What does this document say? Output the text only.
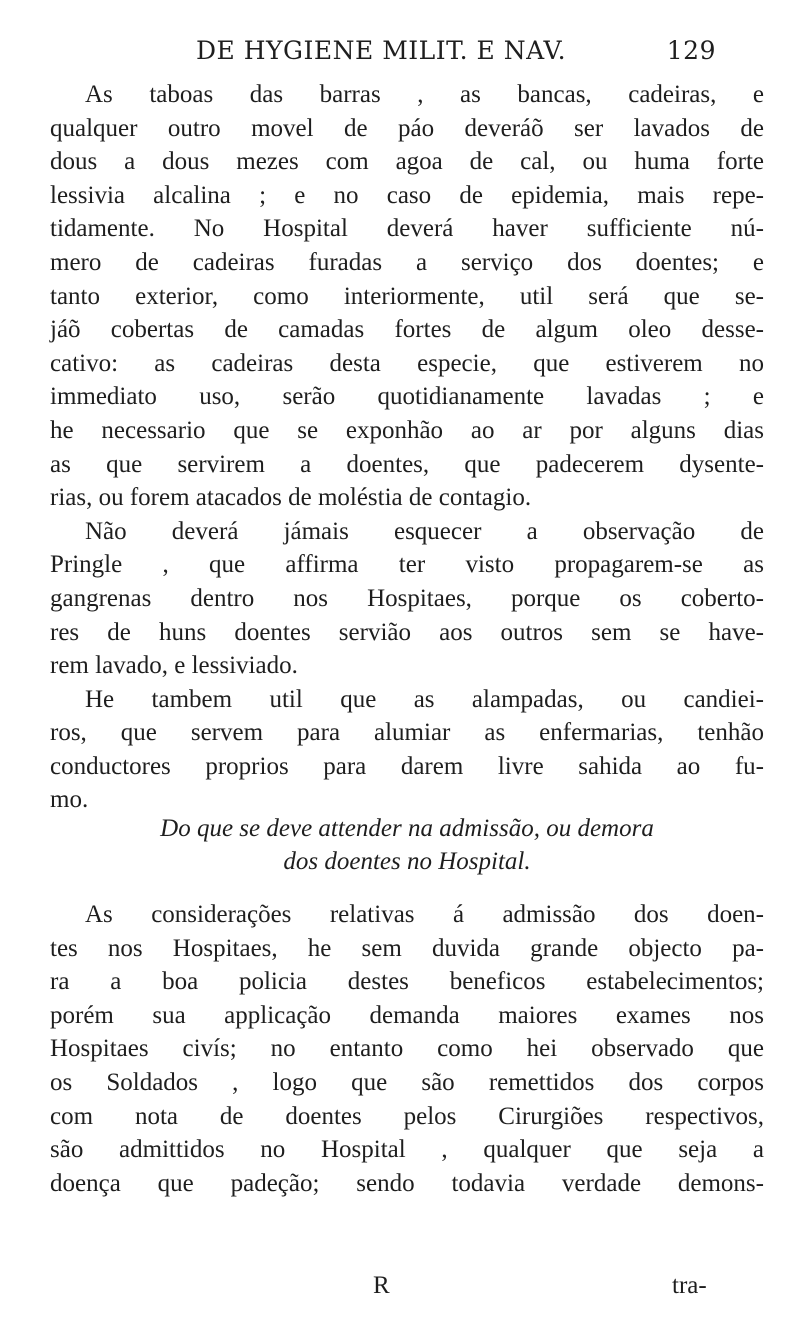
DE HYGIENE MILIT. E NAV.	129
As taboas das barras , as bancas, cadeiras, e
qualquer outro movel de páo deveráõ ser lavados de
dous a dous mezes com agoa de cal, ou huma forte
lessivia alcalina ; e no caso de epidemia, mais repe-
tidamente. No Hospital deverá haver sufficiente nú-
mero de cadeiras furadas a serviço dos doentes; e
tanto exterior, como interiormente, util será que se-
jáõ cobertas de camadas fortes de algum oleo desse-
cativo: as cadeiras desta especie, que estiverem no
immediato uso, serão quotidianamente lavadas ; e
he necessario que se exponhão ao ar por alguns dias
as que servirem a doentes, que padecerem dysente-
rias, ou forem atacados de moléstia de contagio.
Não deverá jámais esquecer a observação de
Pringle , que affirma ter visto propagarem-se as
gangrenas dentro nos Hospitaes, porque os coberto-
res de huns doentes servião aos outros sem se have-
rem lavado, e lessiviado.
He tambem util que as alampadas, ou candiei-
ros, que servem para alumiar as enfermarias, tenhão
conductores proprios para darem livre sahida ao fu-
mo.
Do que se deve attender na admissão, ou demora
dos doentes no Hospital.
As considerações relativas á admissão dos doen-
tes nos Hospitaes, he sem duvida grande objecto pa-
ra a boa policia destes beneficos estabelecimentos;
porém sua applicação demanda maiores exames nos
Hospitaes civís; no entanto como hei observado que
os Soldados , logo que são remettidos dos corpos
com nota de doentes pelos Cirurgiões respectivos,
são admittidos no Hospital , qualquer que seja a
doença que padeção; sendo todavia verdade demons-
R	tra-
